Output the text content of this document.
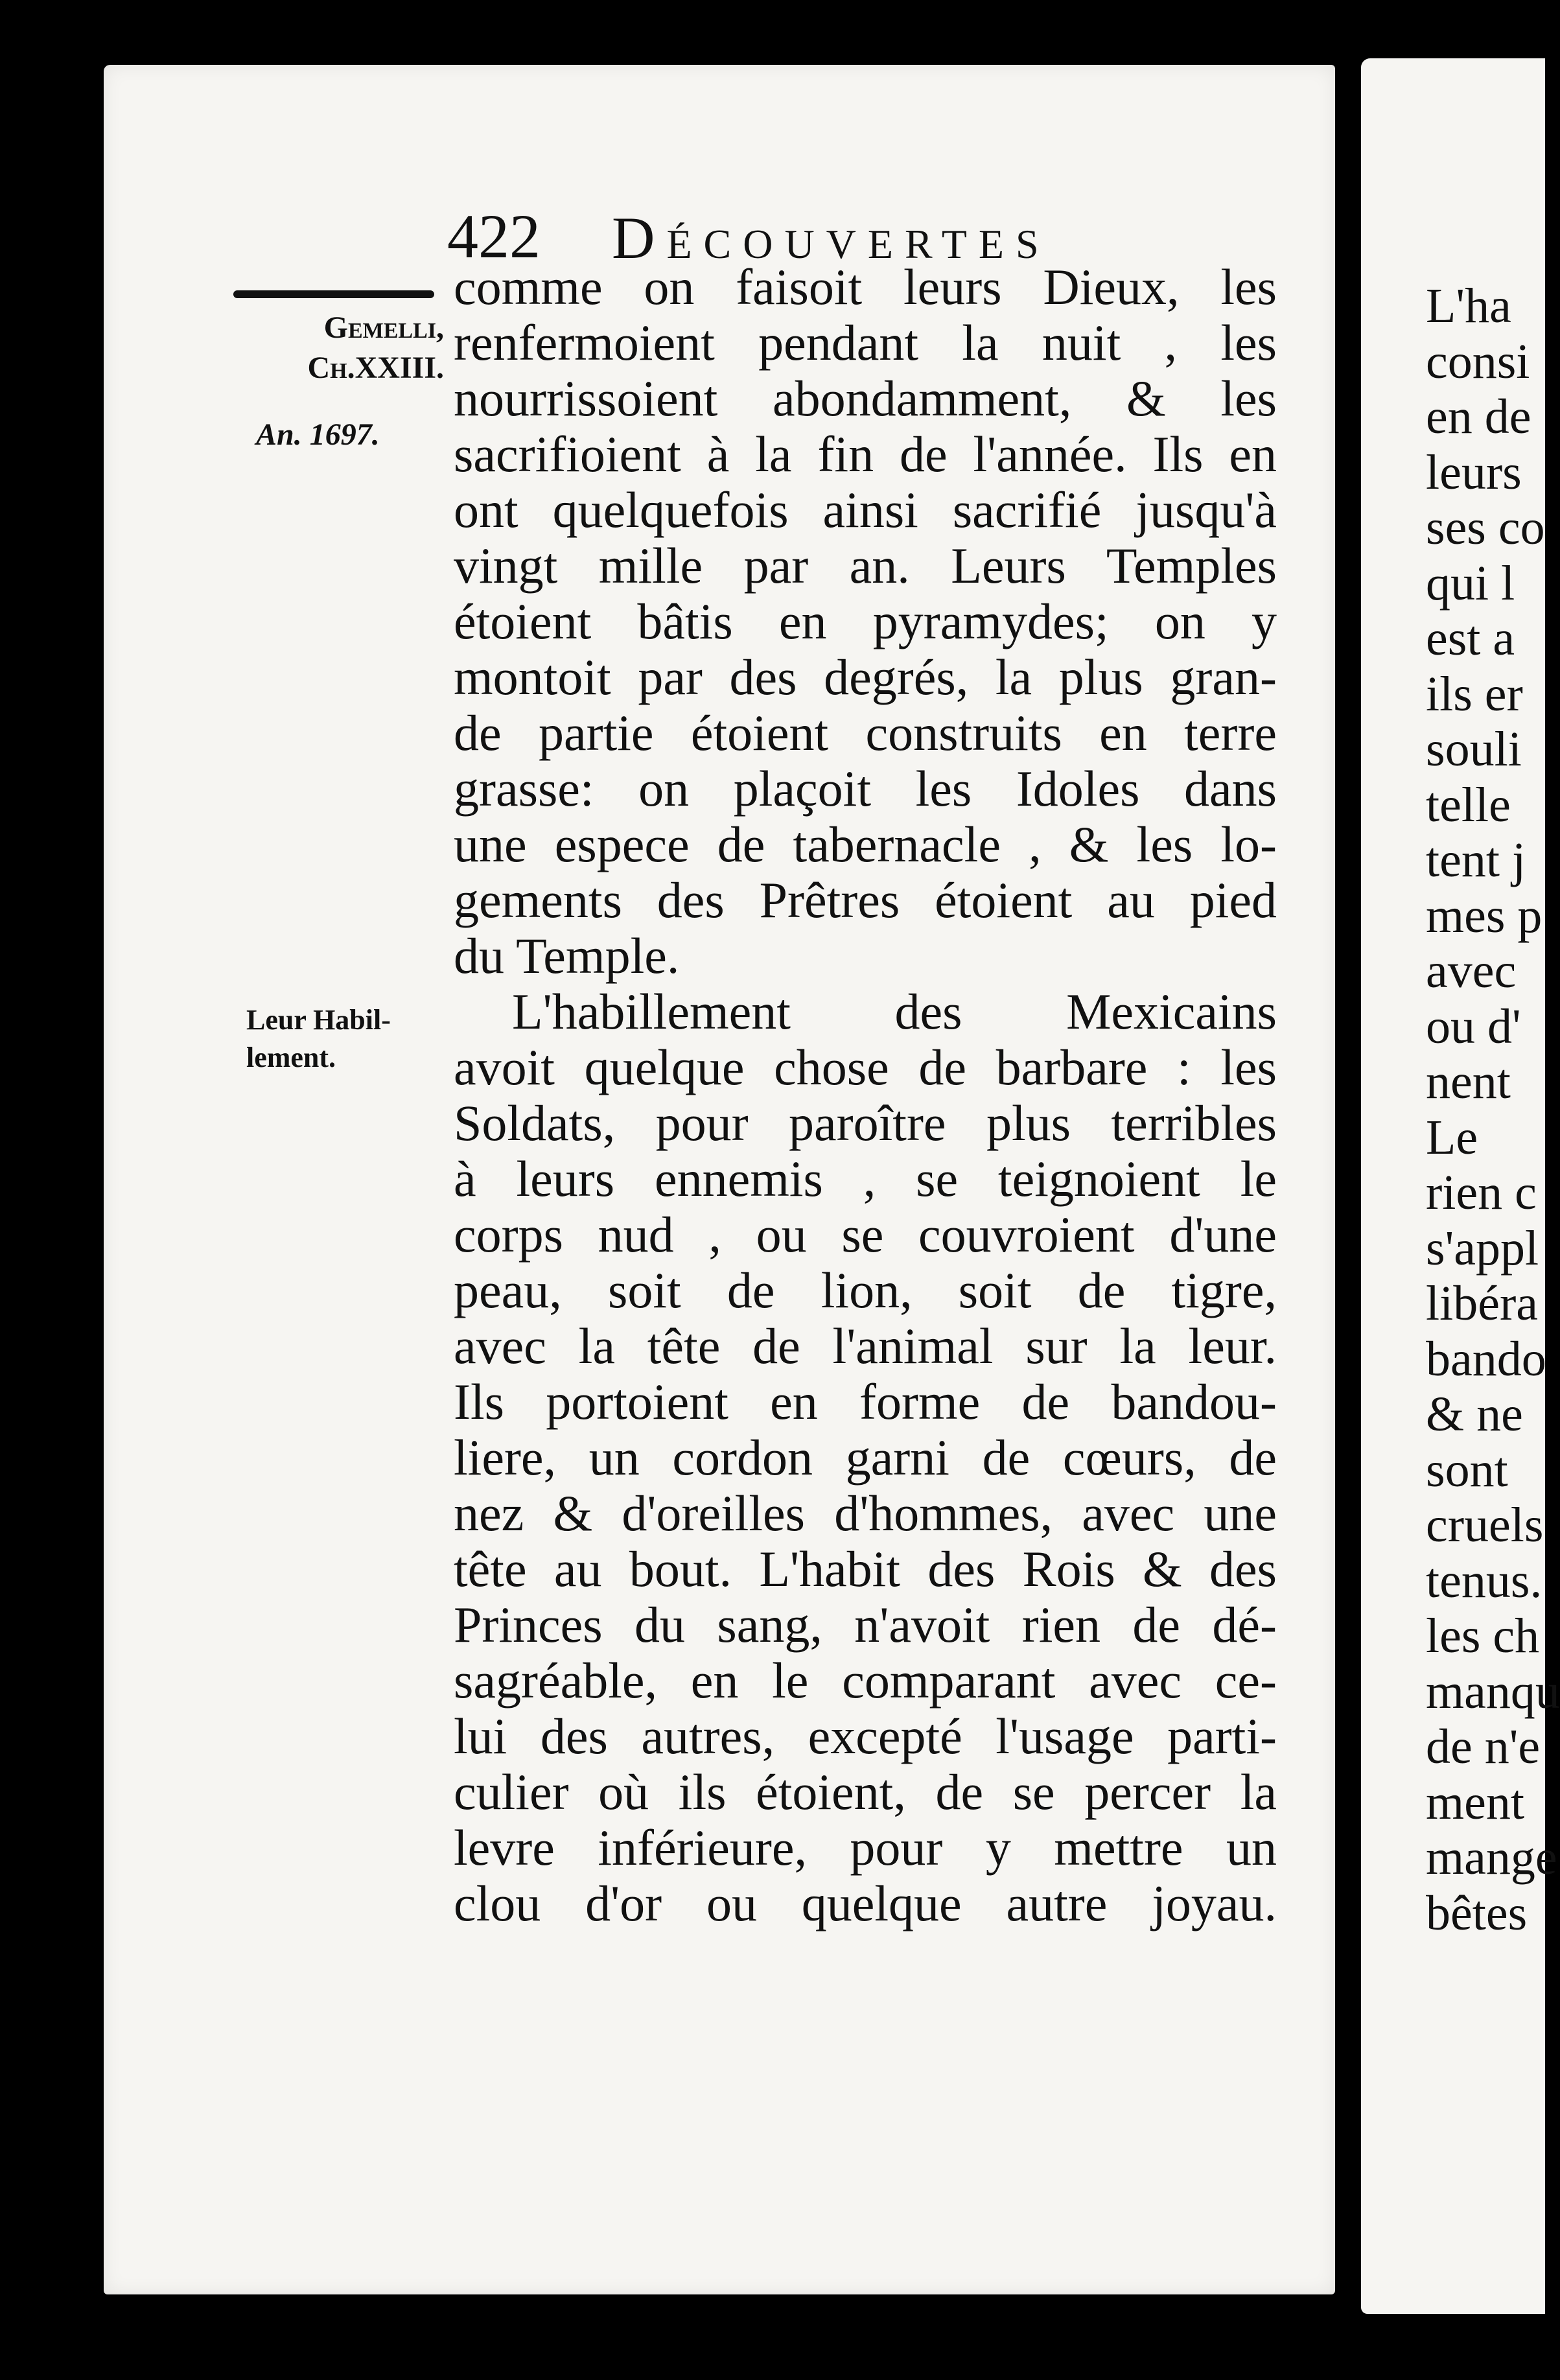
422 Découvertes
Gemelli,
Ch.XXIII.
An. 1697.
Leur Habil-
lement.
comme on faisoit leurs Dieux, les
renfermoient pendant la nuit , les
nourrissoient abondamment, & les
sacrifioient à la fin de l'année. Ils en
ont quelquefois ainsi sacrifié jusqu'à
vingt mille par an. Leurs Temples
étoient bâtis en pyramydes; on y
montoit par des degrés, la plus gran-
de partie étoient construits en terre
grasse: on plaçoit les Idoles dans
une espece de tabernacle , & les lo-
gements des Prêtres étoient au pied
du Temple.
L'habillement des Mexicains
avoit quelque chose de barbare : les
Soldats, pour paroître plus terribles
à leurs ennemis , se teignoient le
corps nud , ou se couvroient d'une
peau, soit de lion, soit de tigre,
avec la tête de l'animal sur la leur.
Ils portoient en forme de bandou-
liere, un cordon garni de cœurs, de
nez & d'oreilles d'hommes, avec une
tête au bout. L'habit des Rois & des
Princes du sang, n'avoit rien de dé-
sagréable, en le comparant avec ce-
lui des autres, excepté l'usage parti-
culier où ils étoient, de se percer la
levre inférieure, pour y mettre un
clou d'or ou quelque autre joyau.
L'ha
consi
en de
leurs
ses co
qui l
est a
ils er
souli
telle
tent j
mes p
avec
ou d'
nent
Le
rien c
s'appl
libéra
bando
& ne
sont
cruels
tenus.
les ch
manqu
de n'e
ment
mange
bêtes
